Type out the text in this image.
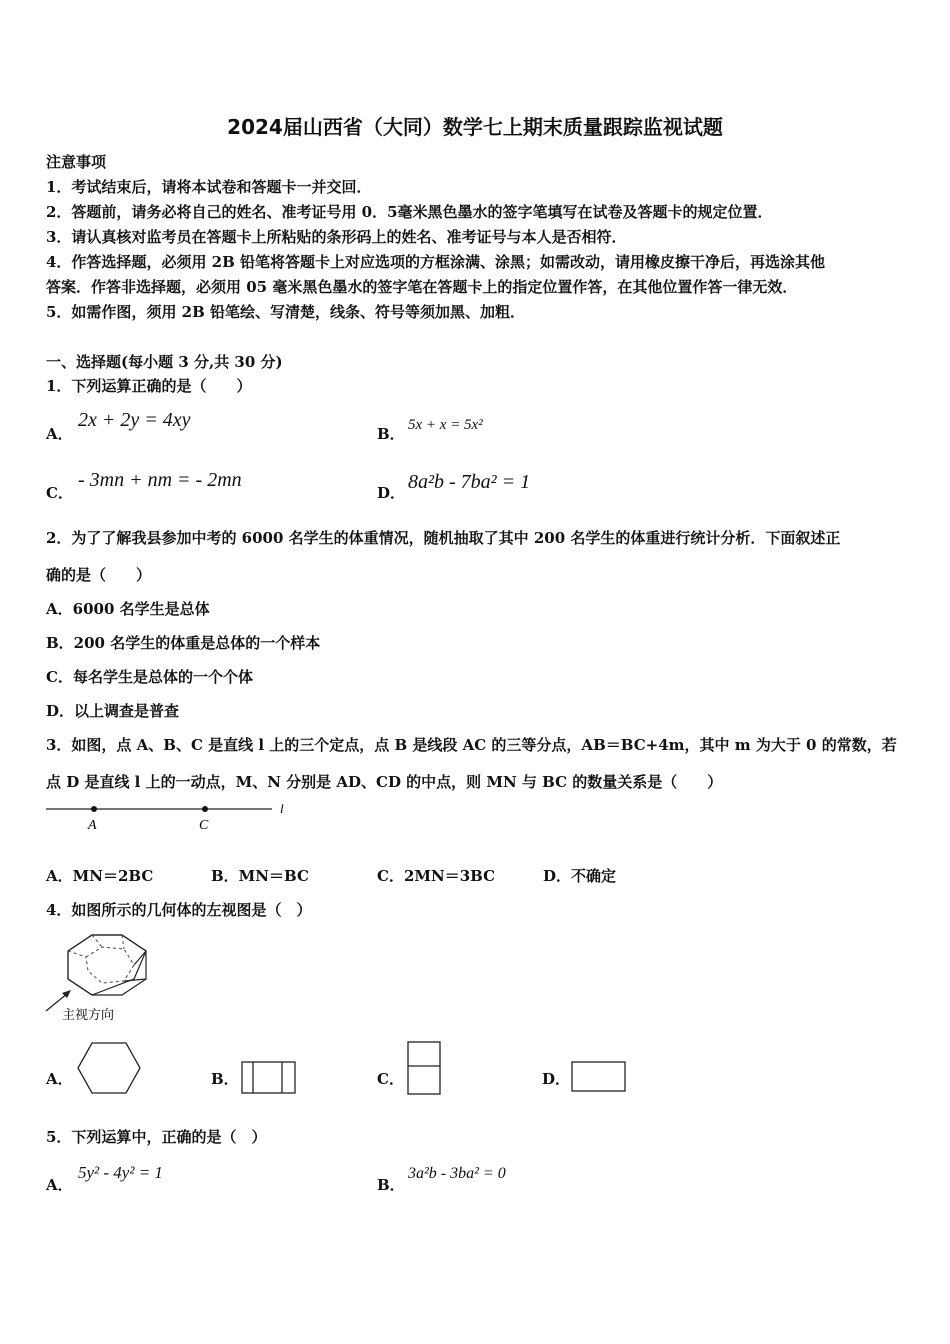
2024届山西省（大同）数学七上期末质量跟踪监视试题
注意事项
1．考试结束后，请将本试卷和答题卡一并交回．
2．答题前，请务必将自己的姓名、准考证号用 0．5毫米黑色墨水的签字笔填写在试卷及答题卡的规定位置．
3．请认真核对监考员在答题卡上所粘贴的条形码上的姓名、准考证号与本人是否相符．
4．作答选择题，必须用 2B 铅笔将答题卡上对应选项的方框涂满、涂黑；如需改动，请用橡皮擦干净后，再选涂其他
答案．作答非选择题，必须用 05 毫米黑色墨水的签字笔在答题卡上的指定位置作答，在其他位置作答一律无效．
5．如需作图，须用 2B 铅笔绘、写清楚，线条、符号等须加黑、加粗．
一、选择题(每小题 3 分,共 30 分)
1．下列运算正确的是（　　）
A．
2x + 2y = 4xy
B． 5x + x = 5x²
C．
- 3mn + nm = - 2mn
D． 8a²b - 7ba² = 1
2．为了了解我县参加中考的 6000 名学生的体重情况，随机抽取了其中 200 名学生的体重进行统计分析．下面叙述正
确的是（　　）
A．6000 名学生是总体
B．200 名学生的体重是总体的一个样本
C．每名学生是总体的一个个体
D．以上调查是普查
3．如图，点 A、B、C 是直线 l 上的三个定点，点 B 是线段 AC 的三等分点，AB＝BC+4m，其中 m 为大于 0 的常数，若
点 D 是直线 l 上的一动点，M、N 分别是 AD、CD 的中点，则 MN 与 BC 的数量关系是（　　）
A	C
l
A．MN＝2BC	B．MN＝BC	C．2MN＝3BC	D．不确定
4．如图所示的几何体的左视图是（　）
主视方向
A．	B．	C．	D．
5．下列运算中，正确的是（　）
A．
5y² - 4y² = 1
B．
3a²b - 3ba² = 0
